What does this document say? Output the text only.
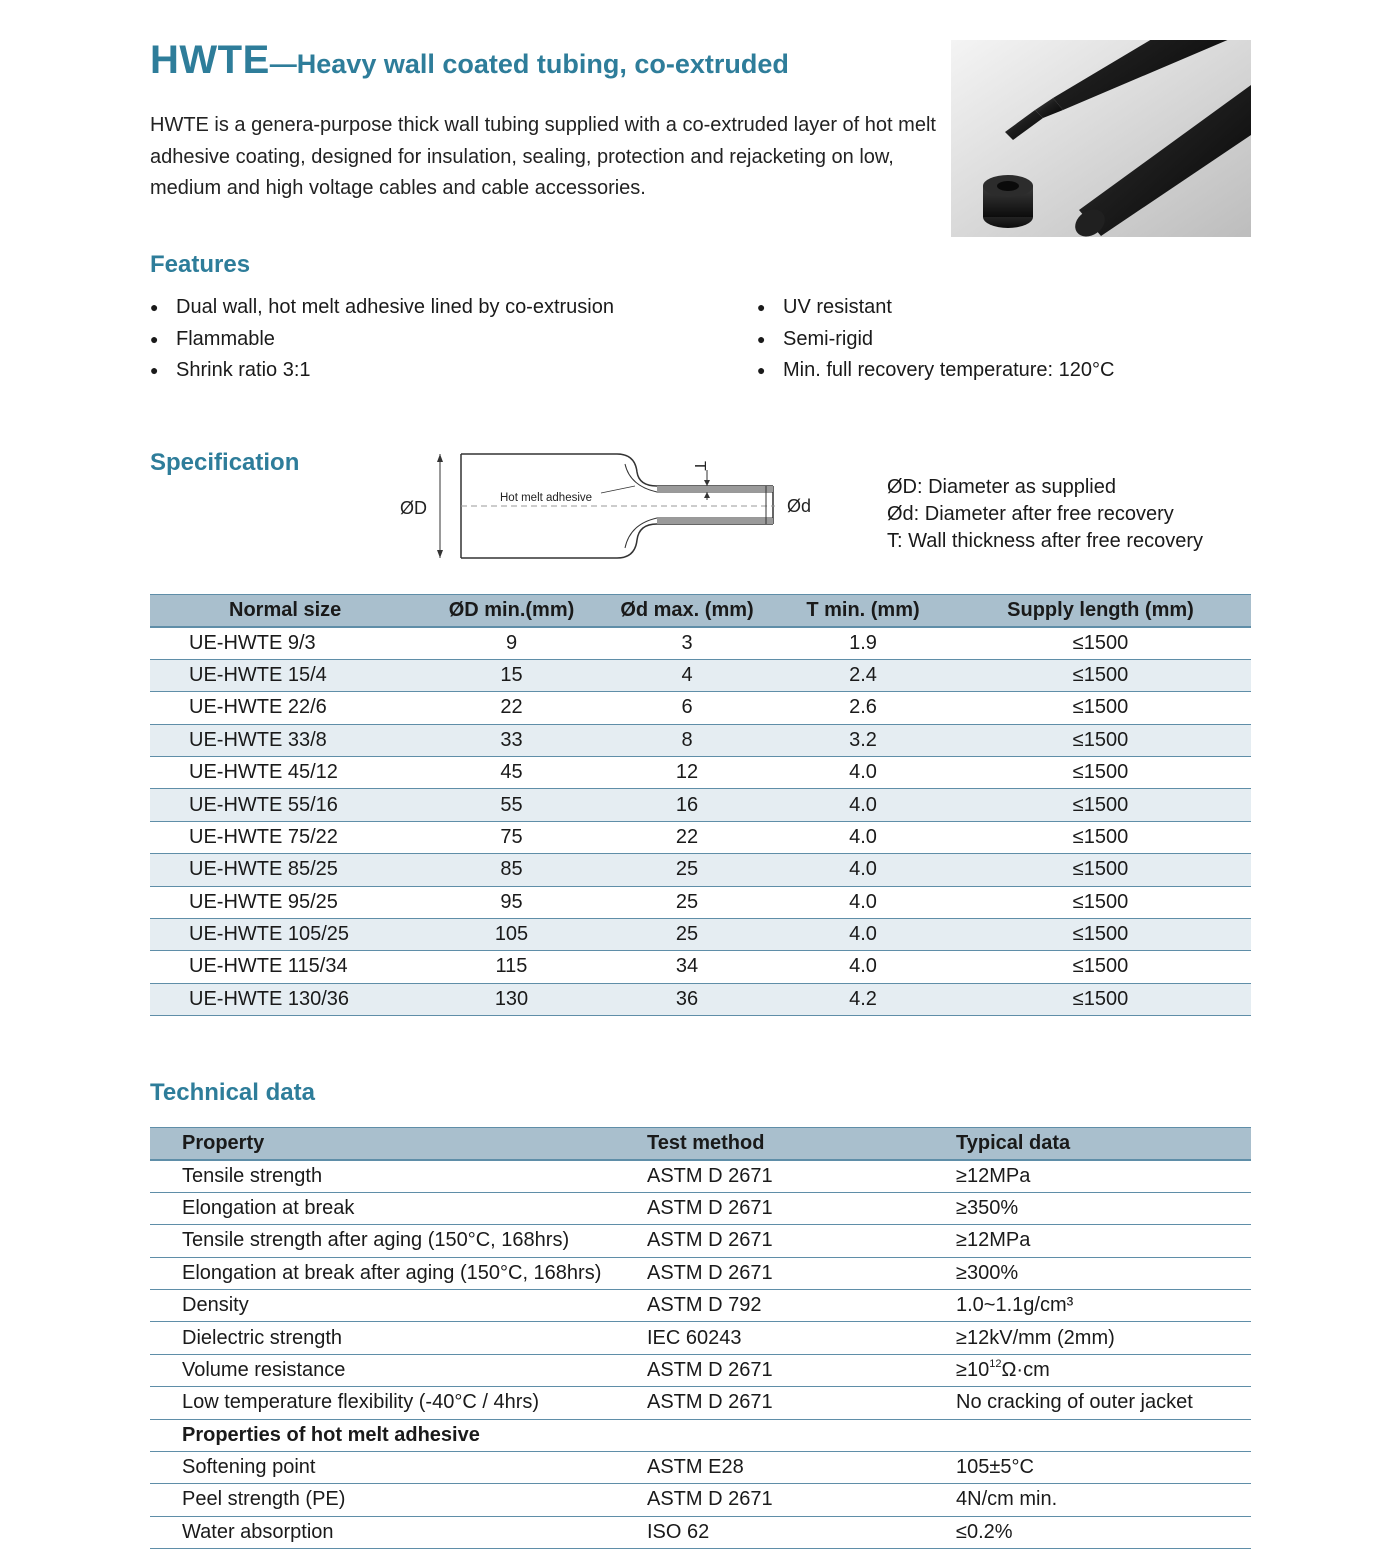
HWTE—Heavy wall coated tubing, co-extruded

HWTE is a genera-purpose thick wall tubing supplied with a co-extruded layer of hot melt adhesive coating, designed for insulation, sealing, protection and rejacketing on low, medium and high voltage cables and cable accessories.

Features
● Dual wall, hot melt adhesive lined by co-extrusion
● Flammable
● Shrink ratio 3:1
● UV resistant
● Semi-rigid
● Min. full recovery temperature: 120°C
Specification
ØD	Ød
T
Hot melt adhesive	ØD: Diameter as supplied
Ød: Diameter after free recovery
T: Wall thickness after free recovery
Normal size	ØD min.(mm)	Ød max. (mm)	T min. (mm)	Supply length (mm)
UE-HWTE 9/3	9	3	1.9	≤1500
UE-HWTE 15/4	15	4	2.4	≤1500
UE-HWTE 22/6	22	6	2.6	≤1500
UE-HWTE 33/8	33	8	3.2	≤1500
UE-HWTE 45/12	45	12	4.0	≤1500
UE-HWTE 55/16	55	16	4.0	≤1500
UE-HWTE 75/22	75	22	4.0	≤1500
UE-HWTE 85/25	85	25	4.0	≤1500
UE-HWTE 95/25	95	25	4.0	≤1500
UE-HWTE 105/25	105	25	4.0	≤1500
UE-HWTE 115/34	115	34	4.0	≤1500
UE-HWTE 130/36	130	36	4.2	≤1500
Technical data
Property	Test method	Typical data
Tensile strength	ASTM D 2671	≥12MPa
Elongation at break	ASTM D 2671	≥350%
Tensile strength after aging (150°C, 168hrs)	ASTM D 2671	≥12MPa
Elongation at break after aging (150°C, 168hrs)	ASTM D 2671	≥300%
Density	ASTM D 792	1.0~1.1g/cm³
Dielectric strength	IEC 60243	≥12kV/mm (2mm)
Volume resistance	ASTM D 2671	$\ge 10^{12}\Omega\cdot cm$
Low temperature flexibility (-40°C / 4hrs)	ASTM D 2671	No cracking of outer jacket
Properties of hot melt adhesive		
Softening point	ASTM E28	105±5°C
Peel strength (PE)	ASTM D 2671	4N/cm min.
Water absorption	ISO 62	≤0.2%
